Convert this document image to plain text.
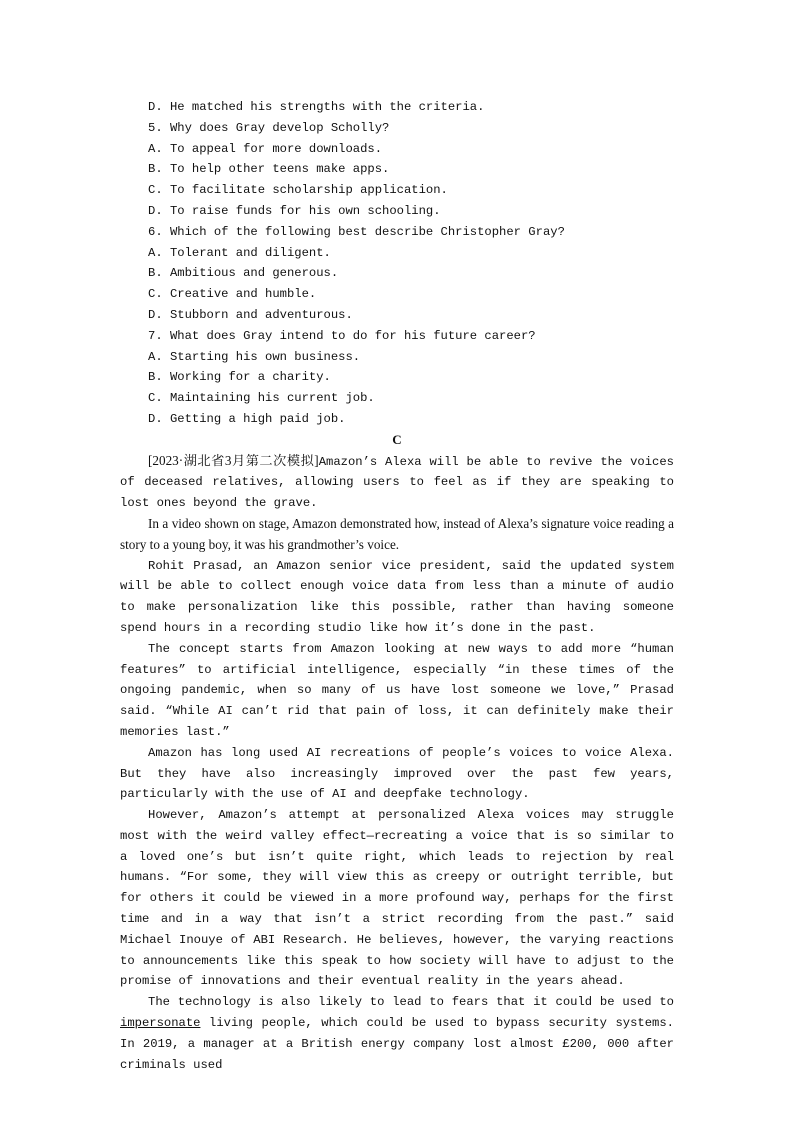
D. He matched his strengths with the criteria.
5. Why does Gray develop Scholly?
A. To appeal for more downloads.
B. To help other teens make apps.
C. To facilitate scholarship application.
D. To raise funds for his own schooling.
6. Which of the following best describe Christopher Gray?
A. Tolerant and diligent.
B. Ambitious and generous.
C. Creative and humble.
D. Stubborn and adventurous.
7. What does Gray intend to do for his future career?
A. Starting his own business.
B. Working for a charity.
C. Maintaining his current job.
D. Getting a high paid job.
C

[2023·湖北省3月第二次模拟]Amazon’s Alexa will be able to revive the voices of deceased relatives, allowing users to feel as if they are speaking to lost ones beyond the grave.

In a video shown on stage, Amazon demonstrated how, instead of Alexa’s signature voice reading a story to a young boy, it was his grandmother’s voice.

Rohit Prasad, an Amazon senior vice president, said the updated system will be able to collect enough voice data from less than a minute of audio to make personalization like this possible, rather than having someone spend hours in a recording studio like how it’s done in the past.

The concept starts from Amazon looking at new ways to add more “human features” to artificial intelligence, especially “in these times of the ongoing pandemic, when so many of us have lost someone we love,” Prasad said. “While AI can’t rid that pain of loss, it can definitely make their memories last.”

Amazon has long used AI recreations of people’s voices to voice Alexa. But they have also increasingly improved over the past few years, particularly with the use of AI and deepfake technology.

However, Amazon’s attempt at personalized Alexa voices may struggle most with the weird valley effect—recreating a voice that is so similar to a loved one’s but isn’t quite right, which leads to rejection by real humans. “For some, they will view this as creepy or outright terrible, but for others it could be viewed in a more profound way, perhaps for the first time and in a way that isn’t a strict recording from the past.” said Michael Inouye of ABI Research. He believes, however, the varying reactions to announcements like this speak to how society will have to adjust to the promise of innovations and their eventual reality in the years ahead.

The technology is also likely to lead to fears that it could be used to impersonate living people, which could be used to bypass security systems. In 2019, a manager at a British energy company lost almost £200, 000 after criminals used
